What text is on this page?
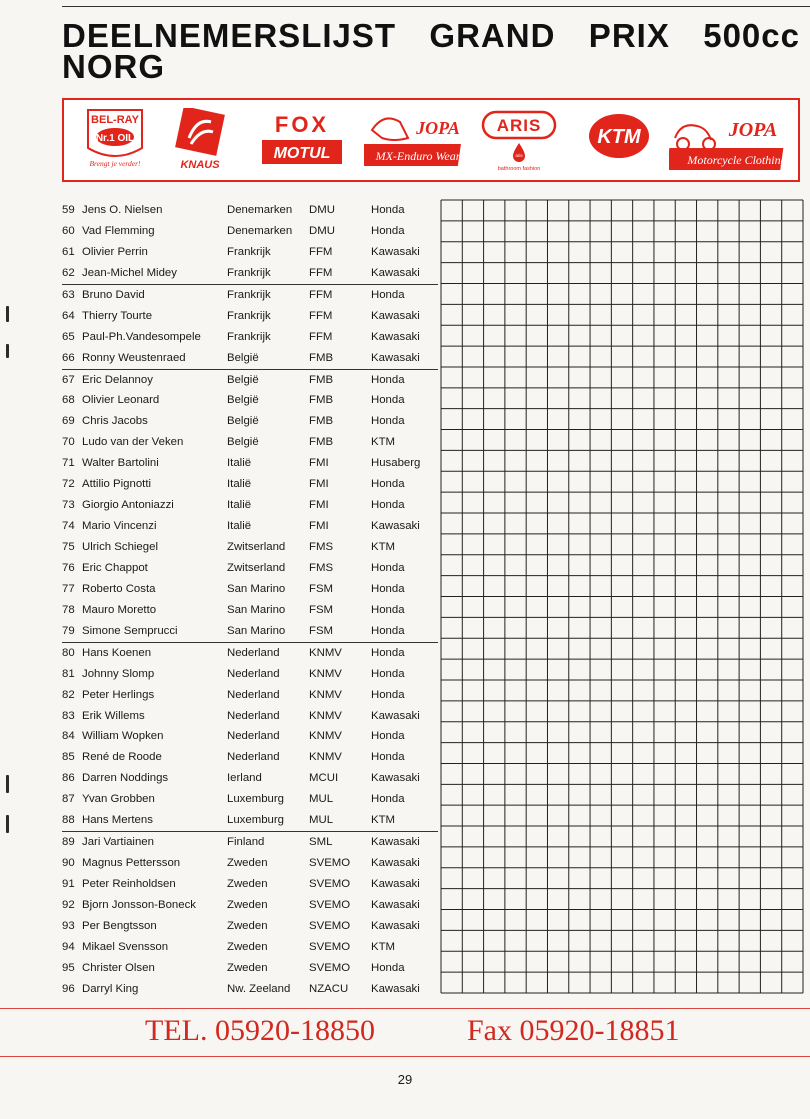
DEELNEMERSLIJST GRAND PRIX 500cc
NORG
BEL-RAY
Nr.1 OIL
Brengt je verder!	KNAUS
FOX
MOTUL
JOPA
MX-Enduro Wear
ARIS
aris
bathroom fashion
KTM	JOPA
Motorcycle Clothing
59 Jens O. Nielsen	Denemarken DMU	Honda
60 Vad Flemming	Denemarken DMU	Honda
61 Olivier Perrin	Frankrijk	FFM	Kawasaki
62 Jean-Michel Midey	Frankrijk	FFM	Kawasaki
63 Bruno David	Frankrijk	FFM	Honda
64 Thierry Tourte	Frankrijk	FFM	Kawasaki
65 Paul-Ph.Vandesompele Frankrijk	FFM	Kawasaki
66 Ronny Weustenraed	België	FMB	Kawasaki
67 Eric Delannoy	België	FMB	Honda
68 Olivier Leonard	België	FMB	Honda
69 Chris Jacobs	België	FMB	Honda
70 Ludo van der Veken	België	FMB	KTM
71 Walter Bartolini	Italië	FMI	Husaberg
72 Attilio Pignotti	Italië	FMI	Honda
73 Giorgio Antoniazzi	Italië	FMI	Honda
74 Mario Vincenzi	Italië	FMI	Kawasaki
75 Ulrich Schiegel	Zwitserland FMS	KTM
76 Eric Chappot	Zwitserland FMS	Honda
77 Roberto Costa	San Marino FSM	Honda
78 Mauro Moretto	San Marino FSM	Honda
79 Simone Semprucci	San Marino FSM	Honda
80 Hans Koenen	Nederland	KNMV	Honda
81 Johnny Slomp	Nederland	KNMV	Honda
82 Peter Herlings	Nederland	KNMV	Honda
83 Erik Willems	Nederland	KNMV	Kawasaki
84 William Wopken	Nederland	KNMV	Honda
85 René de Roode	Nederland	KNMV	Honda
86 Darren Noddings	Ierland	MCUI	Kawasaki
87 Yvan Grobben	Luxemburg MUL	Honda
88 Hans Mertens	Luxemburg MUL	KTM
89 Jari Vartiainen	Finland	SML	Kawasaki
90 Magnus Pettersson	Zweden	SVEMO Kawasaki
91 Peter Reinholdsen	Zweden	SVEMO Kawasaki
92 Bjorn Jonsson-Boneck	Zweden	SVEMO Kawasaki
93 Per Bengtsson	Zweden	SVEMO Kawasaki
94 Mikael Svensson	Zweden	SVEMO KTM
95 Christer Olsen	Zweden	SVEMO Honda
96 Darryl King	Nw. Zeeland NZACU Kawasaki
TEL. 05920-18850	Fax 05920-18851
29
